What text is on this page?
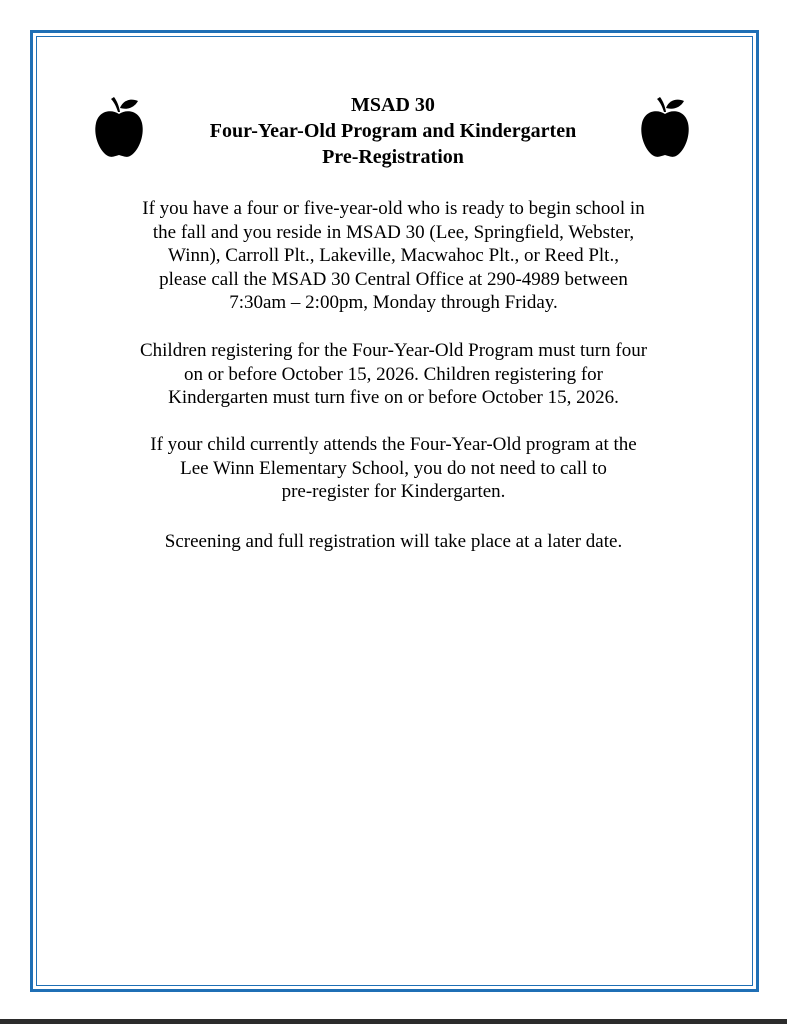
MSAD 30
Four-Year-Old Program and Kindergarten
Pre-Registration
If you have a four or five-year-old who is ready to begin school in
the fall and you reside in MSAD 30 (Lee, Springfield, Webster,
Winn), Carroll Plt., Lakeville, Macwahoc Plt., or Reed Plt.,
please call the MSAD 30 Central Office at 290-4989 between
7:30am – 2:00pm, Monday through Friday.
Children registering for the Four-Year-Old Program must turn four
on or before October 15, 2026. Children registering for
Kindergarten must turn five on or before October 15, 2026.
If your child currently attends the Four-Year-Old program at the
Lee Winn Elementary School, you do not need to call to
pre-register for Kindergarten.
Screening and full registration will take place at a later date.
